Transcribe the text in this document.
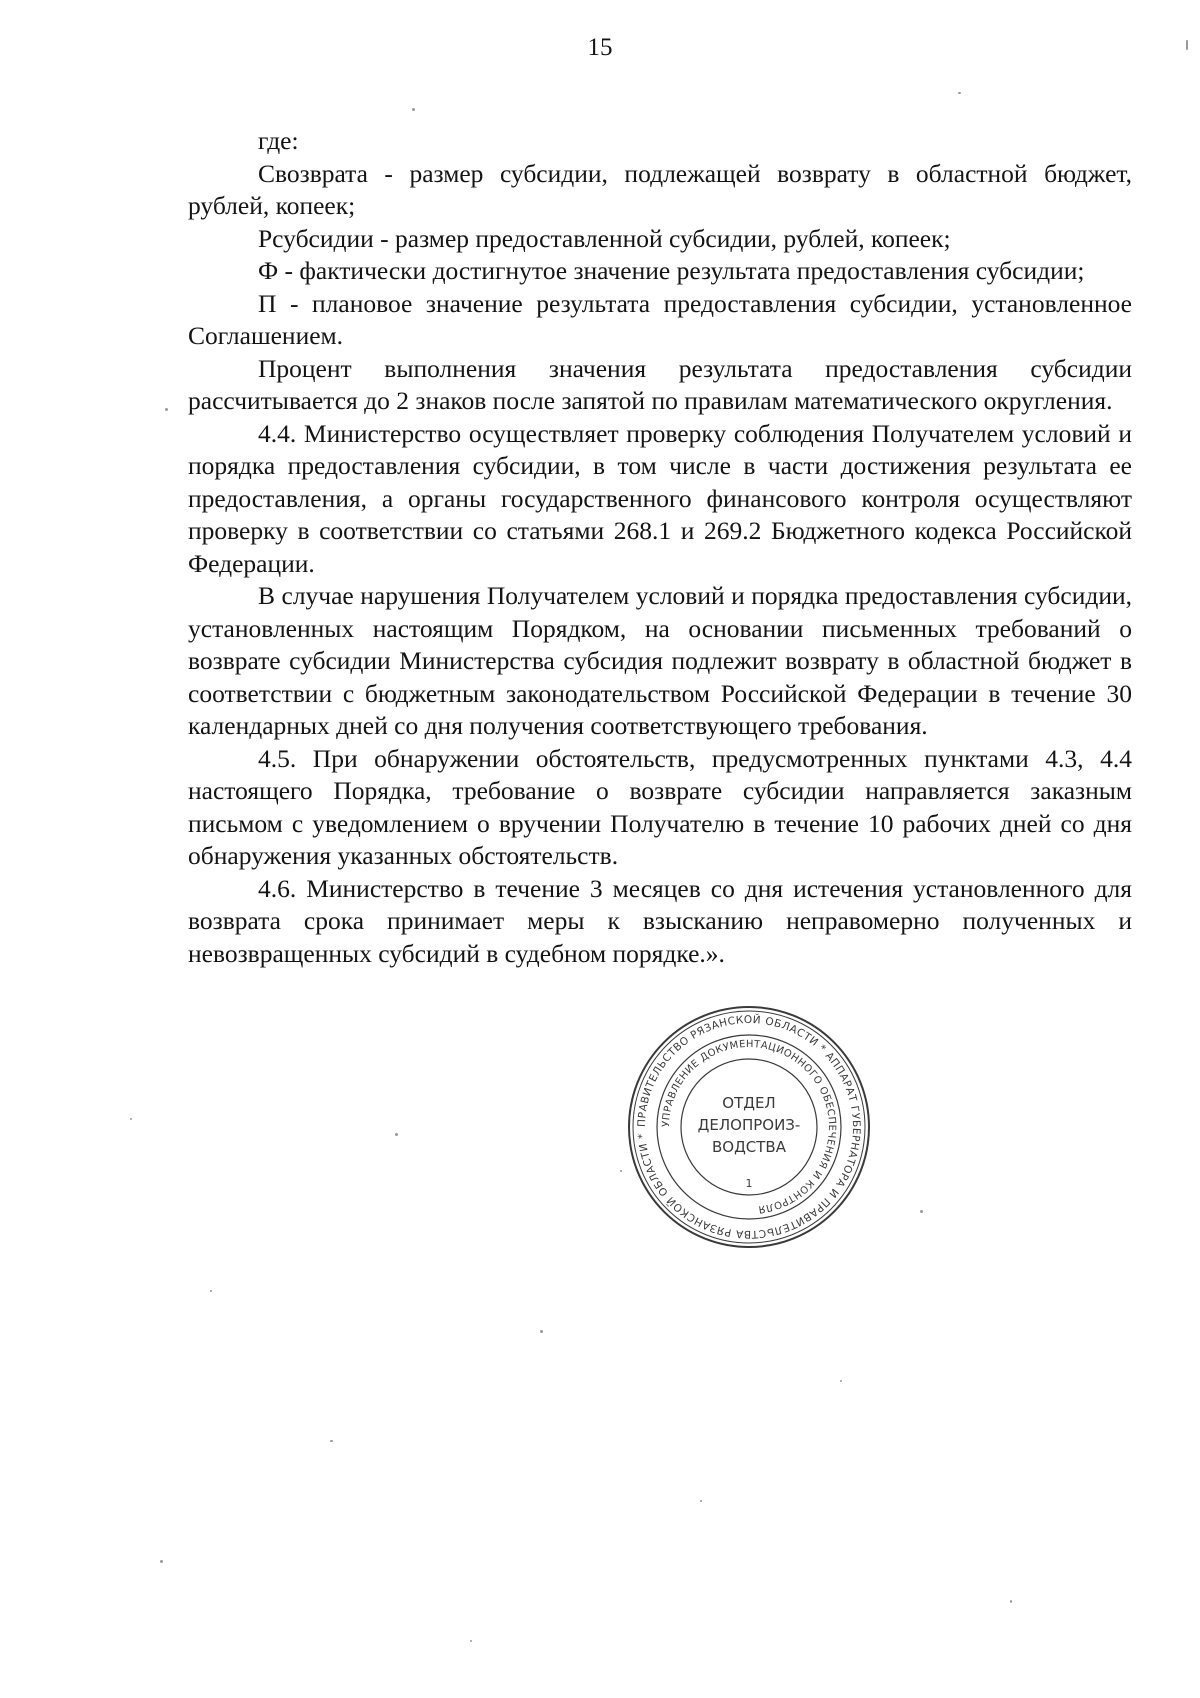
15

где:

Свозврата - размер субсидии, подлежащей возврату в областной бюджет, рублей, копеек;

Рсубсидии - размер предоставленной субсидии, рублей, копеек;

Ф - фактически достигнутое значение результата предоставления субсидии;

П - плановое значение результата предоставления субсидии, установленное Соглашением.

Процент выполнения значения результата предоставления субсидии рассчитывается до 2 знаков после запятой по правилам математического округления.

4.4. Министерство осуществляет проверку соблюдения Получателем условий и порядка предоставления субсидии, в том числе в части достижения результата ее предоставления, а органы государственного финансового контроля осуществляют проверку в соответствии со статьями 268.1 и 269.2 Бюджетного кодекса Российской Федерации.

В случае нарушения Получателем условий и порядка предоставления субсидии, установленных настоящим Порядком, на основании письменных требований о возврате субсидии Министерства субсидия подлежит возврату в областной бюджет в соответствии с бюджетным законодательством Российской Федерации в течение 30 календарных дней со дня получения соответствующего требования.

4.5. При обнаружении обстоятельств, предусмотренных пунктами 4.3, 4.4 настоящего Порядка, требование о возврате субсидии направляется заказным письмом с уведомлением о вручении Получателю в течение 10 рабочих дней со дня обнаружения указанных обстоятельств.

4.6. Министерство в течение 3 месяцев со дня истечения установленного для возврата срока принимает меры к взысканию неправомерно полученных и невозвращенных субсидий в судебном порядке.».

ПРАВИТЕЛЬСТВО РЯЗАНСКОЙ ОБЛАСТИ * АППАРАТ ГУБЕРНАТОРА И ПРАВИТЕЛЬСТВА РЯЗАНСКОЙ ОБЛАСТИ *
УПРАВЛЕНИЕ ДОКУМЕНТАЦИОННОГО ОБЕСПЕЧЕНИЯ И КОНТРОЛЯ
ОТДЕЛ
ДЕЛОПРОИЗ-
ВОДСТВА
1
